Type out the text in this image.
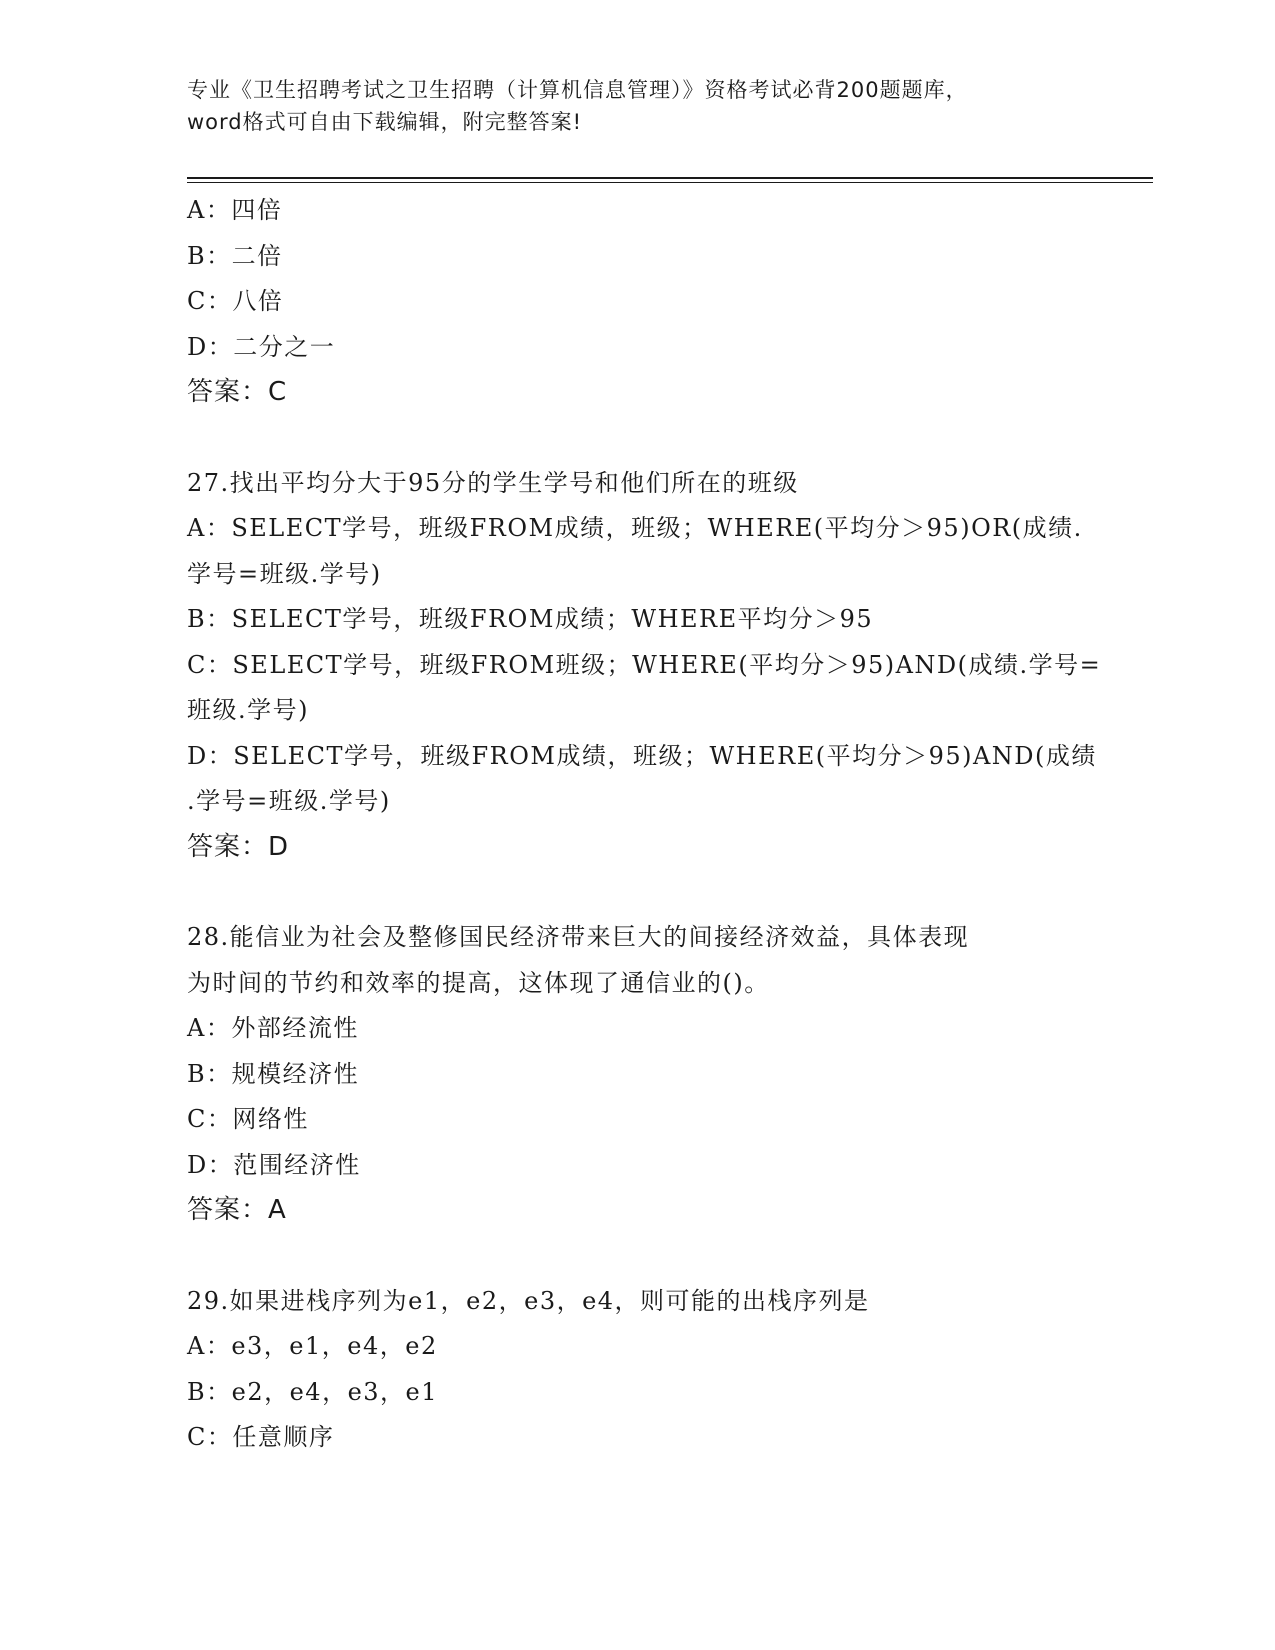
专业《卫生招聘考试之卫生招聘（计算机信息管理）》资格考试必背200题题库，
word格式可自由下载编辑，附完整答案!
A：四倍
B：二倍
C：八倍
D：二分之一
答案：C
27.找出平均分大于95分的学生学号和他们所在的班级
A：SELECT学号，班级FROM成绩，班级；WHERE(平均分＞95)OR(成绩.
学号=班级.学号)
B：SELECT学号，班级FROM成绩；WHERE平均分＞95
C：SELECT学号，班级FROM班级；WHERE(平均分＞95)AND(成绩.学号=
班级.学号)
D：SELECT学号，班级FROM成绩，班级；WHERE(平均分＞95)AND(成绩
.学号=班级.学号)
答案：D
28.能信业为社会及整修国民经济带来巨大的间接经济效益，具体表现
为时间的节约和效率的提高，这体现了通信业的()。
A：外部经流性
B：规模经济性
C：网络性
D：范围经济性
答案：A
29.如果进栈序列为e1，e2，e3，e4，则可能的出栈序列是
A：e3，e1，e4，e2
B：e2，e4，e3，e1
C：任意顺序
